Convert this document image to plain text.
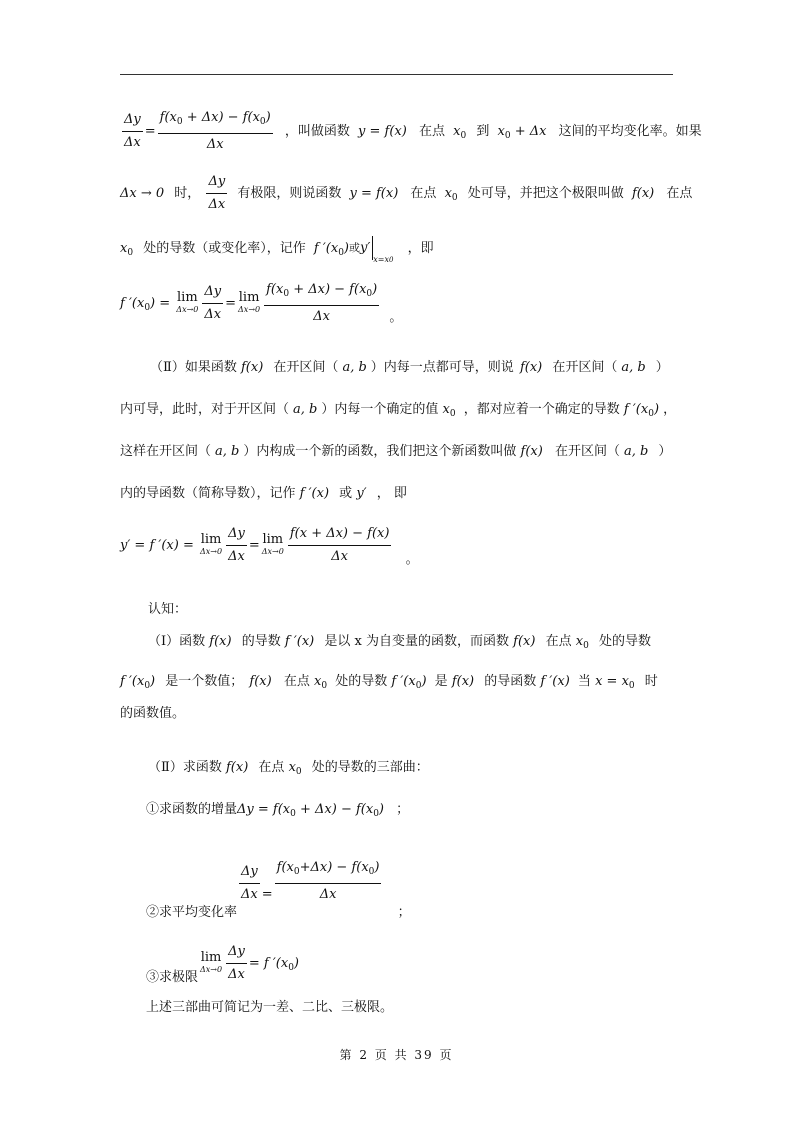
$\frac{\Delta y}{\Delta x} = \frac{f(x_0 + \Delta x) - f(x_0)}{\Delta x}$ ，叫做函数 y = f(x) 在点 $x_0$ 到 $x_0 + \Delta x$ 这间的平均变化率。如果
Δx → 0 时， $\frac{\Delta y}{\Delta x}$ 有极限，则说函数 y = f(x) 在点 $x_0$ 处可导，并把这个极限叫做 f(x) 在点
$x_0$ 处的导数（或变化率），记作 f $'(x_0)$或$y'_{x=x0}$ ，即
f $'(x_0) = \lim$
$\Delta x\to 0 \frac{\Delta y}{\Delta x} = \lim$
$\Delta x\to 0 \frac{f(x_0 + \Delta x) - f(x_0)}{\Delta x}$ 。
（Ⅱ）如果函数 f(x) 在开区间（ a, b ）内每一点都可导，则说 f(x) 在开区间（ a, b ）
内可导，此时，对于开区间（ a, b ）内每一个确定的值 $x_0$ ，都对应着一个确定的导数 f $'(x_0)$ ，
这样在开区间（ a, b ）内构成一个新的函数，我们把这个新函数叫做 f(x) 在开区间（ a, b ）
内的导函数（简称导数），记作 f ′(x) 或 y′ ， 即
y′ = f ′(x) = lim
$\Delta x\to 0 \frac{\Delta y}{\Delta x} = \lim$
$\Delta x\to 0 \frac{f(x + \Delta x) - f(x)}{\Delta x}$ 。
认知：
（Ⅰ）函数 f(x) 的导数 f ′(x) 是以 x 为自变量的函数，而函数 f(x) 在点 $x_0$ 处的导数
f $'(x_0)$ 是一个数值； f(x) 在点 $x_0$ 处的导数 f $'(x_0)$ 是 f(x) 的导函数 f ′(x) 当 $x = x_0$ 时
的函数值。
（Ⅱ）求函数 f(x) 在点 $x_0$ 处的导数的三部曲：
①求函数的增量$\Delta y = f(x_0 + \Delta x) - f(x_0)$ ；
②求平均变化率
$\frac{\Delta y}{\Delta x} = \frac{f(x_0+\Delta x) - f(x_0)}{\Delta x}$
；
③求极限
lim
$\Delta x\to 0 \frac{\Delta y}{\Delta x} = f$ $'(x_0)$
上述三部曲可简记为一差、二比、三极限。
第 2 页 共 39 页
